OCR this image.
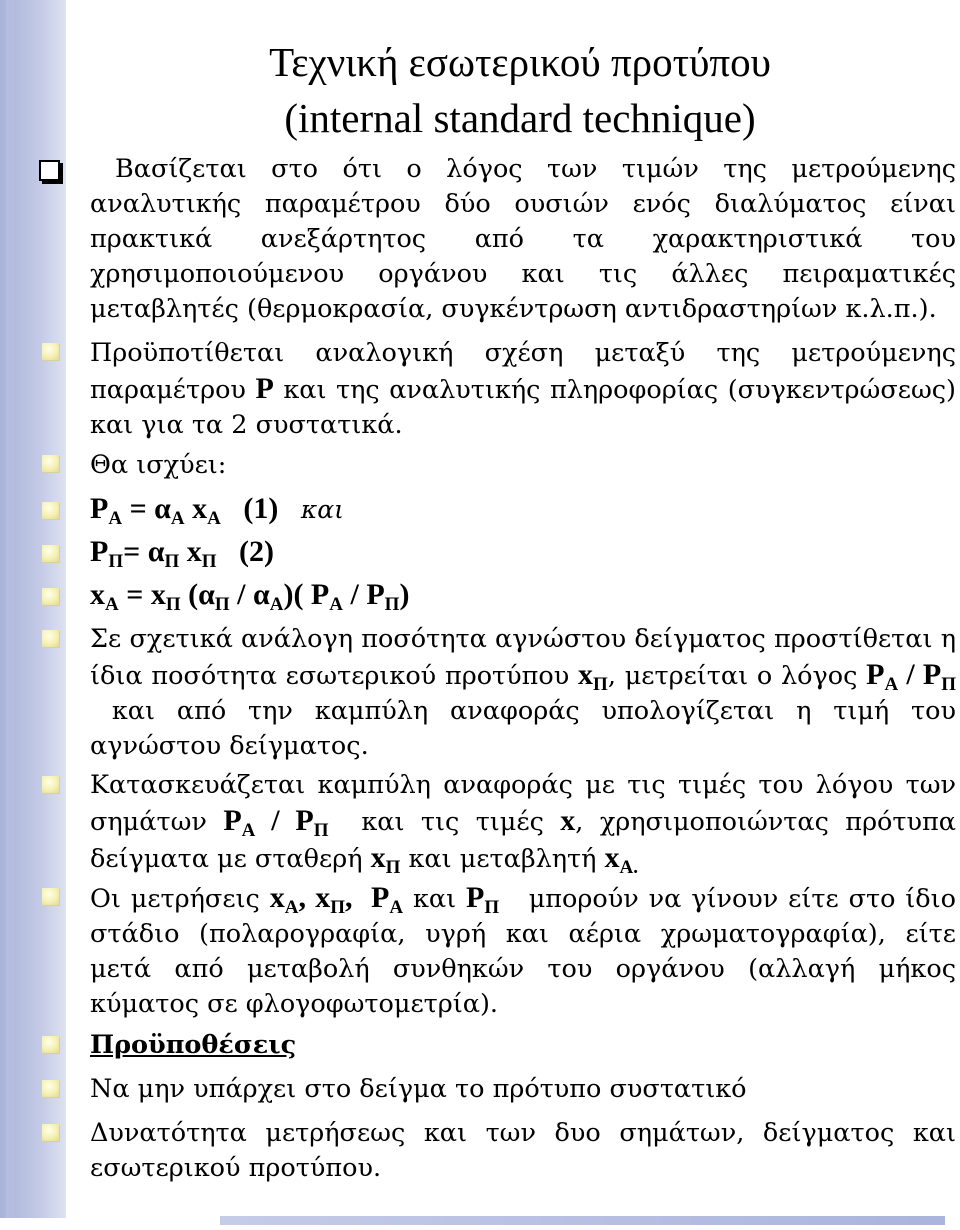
Τεχνική εσωτερικού προτύπου
(internal standard technique)
Βασίζεται στο ότι ο λόγος των τιμών της μετρούμενης αναλυτικής παραμέτρου δύο ουσιών ενός διαλύματος είναι πρακτικά ανεξάρτητος από τα χαρακτηριστικά του χρησιμοποιούμενου οργάνου και τις άλλες πειραματικές μεταβλητές (θερμοκρασία, συγκέντρωση αντιδραστηρίων κ.λ.π.).
Προϋποτίθεται αναλογική σχέση μεταξύ της μετρούμενης παραμέτρου P και της αναλυτικής πληροφορίας (συγκεντρώσεως) και για τα 2 συστατικά.
Θα ισχύει:
$P_A = \alpha_A$ $x_A$ (1) και
$P_\Pi= \alpha_\Pi$ $x_\Pi$ (2)
$x_A = x_\Pi$ $(\alpha_\Pi / \alpha_A)$( $P_A / P_\Pi$)
Σε σχετικά ανάλογη ποσότητα αγνώστου δείγματος προστίθεται η ίδια ποσότητα εσωτερικού προτύπου $x_\Pi$, μετρείται ο λόγος $P_A / P_\Pi$  και από την καμπύλη αναφοράς υπολογίζεται η τιμή του αγνώστου δείγματος.
Κατασκευάζεται καμπύλη αναφοράς με τις τιμές του λόγου των σημάτων $P_A / P_\Pi$ και τις τιμές x, χρησιμοποιώντας πρότυπα δείγματα με σταθερή $x_\Pi$ και μεταβλητή $x_{A.}$
Οι μετρήσεις $x_A$, $x_\Pi$, $P_A$ και $P_\Pi$ μπορούν να γίνουν είτε στο ίδιο στάδιο (πολαρογραφία, υγρή και αέρια χρωματογραφία), είτε μετά από μεταβολή συνθηκών του οργάνου (αλλαγή μήκος κύματος σε φλογοφωτομετρία).
Προϋποθέσεις
Να μην υπάρχει στο δείγμα το πρότυπο συστατικό
Δυνατότητα μετρήσεως και των δυο σημάτων, δείγματος και εσωτερικού προτύπου.
